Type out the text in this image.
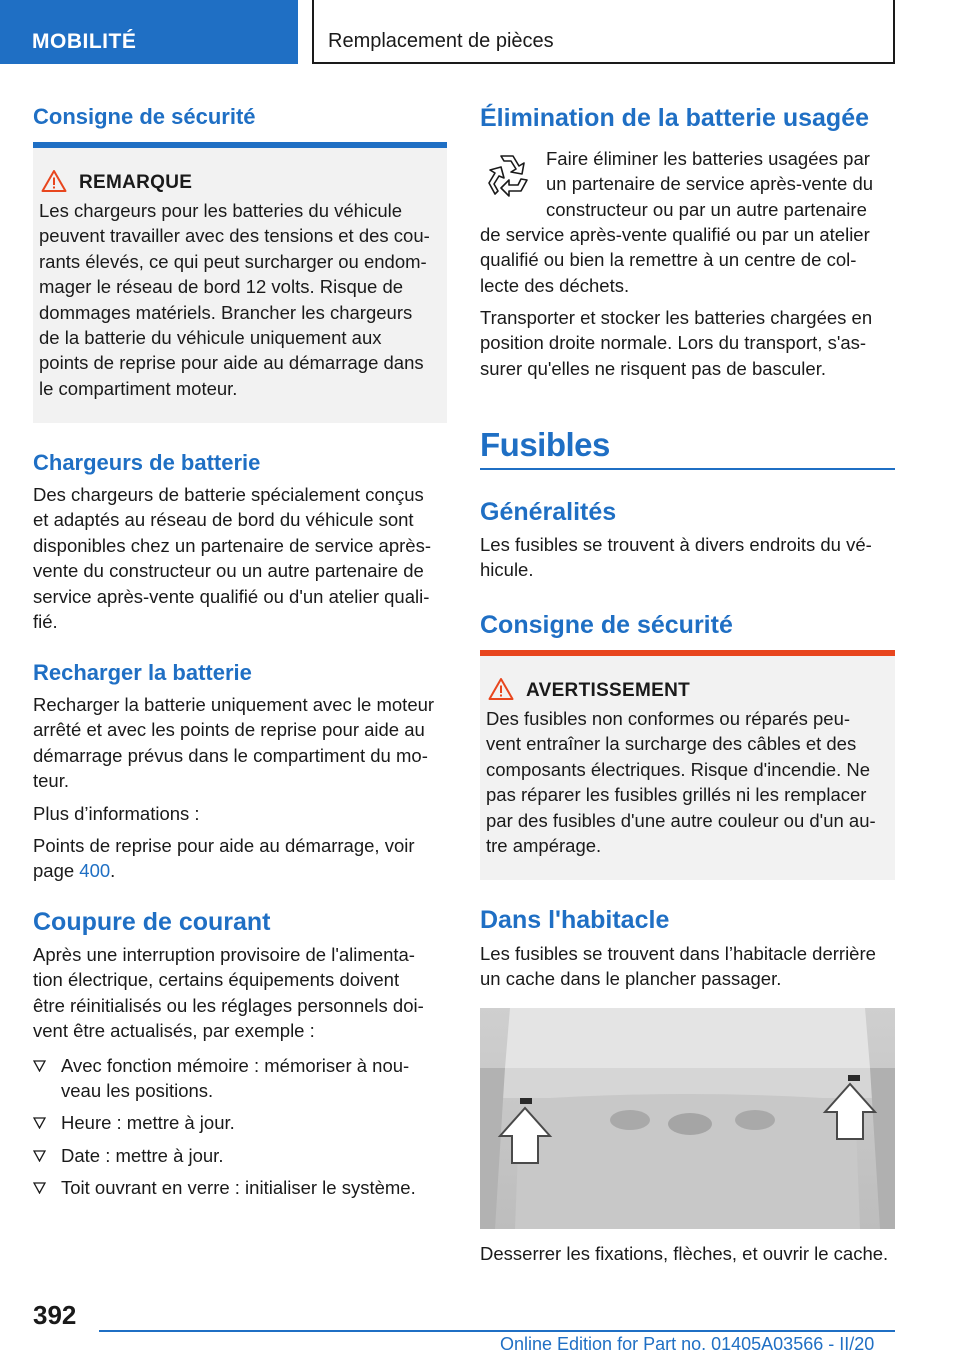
MOBILITÉ	Remplacement de pièces
Consigne de sécurité
REMARQUE
Les chargeurs pour les batteries du véhicule
peuvent travailler avec des tensions et des cou‐
rants élevés, ce qui peut surcharger ou endom‐
mager le réseau de bord 12 volts. Risque de
dommages matériels. Brancher les chargeurs
de la batterie du véhicule uniquement aux
points de reprise pour aide au démarrage dans
le compartiment moteur.
Chargeurs de batterie
Des chargeurs de batterie spécialement conçus
et adaptés au réseau de bord du véhicule sont
disponibles chez un partenaire de service après‐
vente du constructeur ou un autre partenaire de
service après-vente qualifié ou d'un atelier quali‐
fié.
Recharger la batterie
Recharger la batterie uniquement avec le moteur
arrêté et avec les points de reprise pour aide au
démarrage prévus dans le compartiment du mo‐
teur.
Plus d’informations :
Points de reprise pour aide au démarrage, voir
page 400.
Coupure de courant
Après une interruption provisoire de l'alimenta‐
tion électrique, certains équipements doivent
être réinitialisés ou les réglages personnels doi‐
vent être actualisés, par exemple :
Avec fonction mémoire : mémoriser à nou‐
veau les positions.
Heure : mettre à jour.
Date : mettre à jour.
Toit ouvrant en verre : initialiser le système.
Élimination de la batterie usagée
Faire éliminer les batteries usagées par
un partenaire de service après-vente du
constructeur ou par un autre partenaire
de service après-vente qualifié ou par un atelier
qualifié ou bien la remettre à un centre de col‐
lecte des déchets.
Transporter et stocker les batteries chargées en
position droite normale. Lors du transport, s'as‐
surer qu'elles ne risquent pas de basculer.
Fusibles
Généralités
Les fusibles se trouvent à divers endroits du vé‐
hicule.
Consigne de sécurité
AVERTISSEMENT
Des fusibles non conformes ou réparés peu‐
vent entraîner la surcharge des câbles et des
composants électriques. Risque d'incendie. Ne
pas réparer les fusibles grillés ni les remplacer
par des fusibles d'une autre couleur ou d'un au‐
tre ampérage.
Dans l'habitacle
Les fusibles se trouvent dans l’habitacle derrière
un cache dans le plancher passager.
Desserrer les fixations, flèches, et ouvrir le cache.
392
Online Edition for Part no. 01405A03566 - II/20
